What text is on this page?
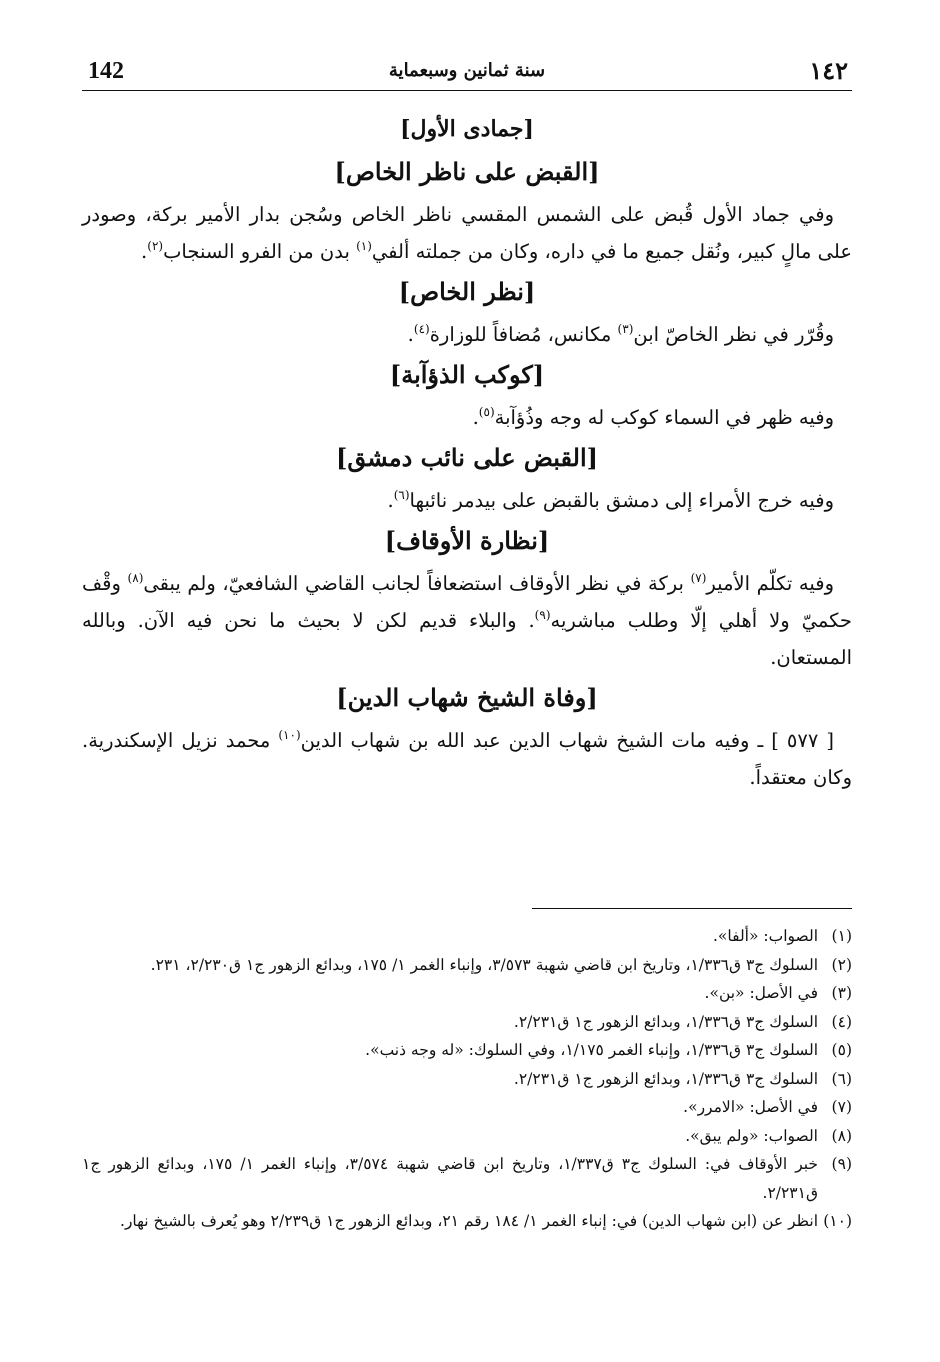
142	سنة ثمانين وسبعماية	١٤٢
[جمادى الأول]
[القبض على ناظر الخاص]

وفي جماد الأول قُبض على الشمس المقسي ناظر الخاص وسُجن بدار الأمير بركة، وصودر على مالٍ كبير، ونُقل جميع ما في داره، وكان من جملته ألفي$^{(١)}$ بدن من الفرو السنجاب$^{(٢)}$.

[نظر الخاص]

وقُرّر في نظر الخاصّ ابن$^{(٣)}$ مكانس، مُضافاً للوزارة$^{(٤)}$.

[كوكب الذؤآبة]

وفيه ظهر في السماء كوكب له وجه وذُؤآبة$^{(٥)}$.

[القبض على نائب دمشق]

وفيه خرج الأمراء إلى دمشق بالقبض على بيدمر نائبها$^{(٦)}$.

[نظارة الأوقاف]

وفيه تكلّم الأمير$^{(٧)}$ بركة في نظر الأوقاف استضعافاً لجانب القاضي الشافعيّ، ولم يبقى$^{(٨)}$ وقْف حكميّ ولا أهلي إلّا وطلب مباشريه$^{(٩)}$. والبلاء قديم لكن لا بحيث ما نحن فيه الآن. وبالله المستعان.

[وفاة الشيخ شهاب الدين]

[ ٥٧٧ ] ـ وفيه مات الشيخ شهاب الدين عبد الله بن شهاب الدين$^{(١٠)}$ محمد نزيل الإسكندرية. وكان معتقداً.

(١)
الصواب: «ألفا».
(٢)
السلوك ج٣ ق١/٣٣٦، وتاريخ ابن قاضي شهبة ٣/٥٧٣، وإنباء الغمر ١/ ١٧٥، وبدائع الزهور ج١ ق٢/٢٣٠، ٢٣١.
(٣)
في الأصل: «بن».
(٤)
السلوك ج٣ ق١/٣٣٦، وبدائع الزهور ج١ ق٢/٢٣١.
(٥)
السلوك ج٣ ق١/٣٣٦، وإنباء الغمر ١/١٧٥، وفي السلوك: «له وجه ذنب».
(٦)
السلوك ج٣ ق١/٣٣٦، وبدائع الزهور ج١ ق٢/٢٣١.
(٧)
في الأصل: «الامرر».
(٨)
الصواب: «ولم يبق».
(٩)
خبر الأوقاف في: السلوك ج٣ ق١/٣٣٧، وتاريخ ابن قاضي شهبة ٣/٥٧٤، وإنباء الغمر ١/ ١٧٥، وبدائع الزهور ج١ ق٢/٢٣١.
(١٠)
انظر عن (ابن شهاب الدين) في: إنباء الغمر ١/ ١٨٤ رقم ٢١، وبدائع الزهور ج١ ق٢/٢٣٩ وهو يُعرف بالشيخ نهار.
